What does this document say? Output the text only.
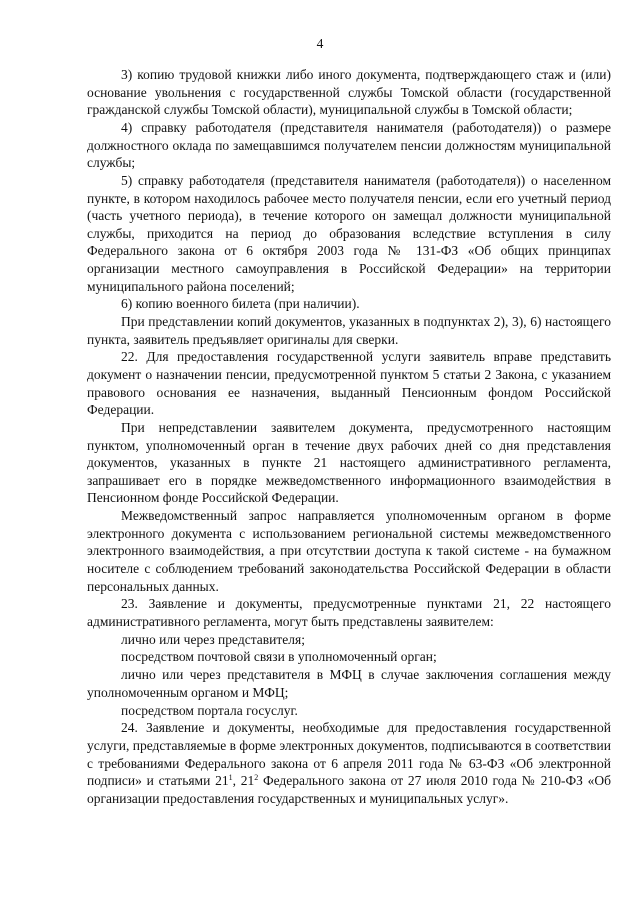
4

3) копию трудовой книжки либо иного документа, подтверждающего стаж и (или) основание увольнения с государственной службы Томской области (государственной гражданской службы Томской области), муниципальной службы в Томской области;

4) справку работодателя (представителя нанимателя (работодателя)) о размере должностного оклада по замещавшимся получателем пенсии должностям муниципальной службы;

5) справку работодателя (представителя нанимателя (работодателя)) о населенном пункте, в котором находилось рабочее место получателя пенсии, если его учетный период (часть учетного периода), в течение которого он замещал должности муниципальной службы, приходится на период до образования вследствие вступления в силу Федерального закона от 6 октября 2003 года № 131-ФЗ «Об общих принципах организации местного самоуправления в Российской Федерации» на территории муниципального района поселений;

6) копию военного билета (при наличии).

При представлении копий документов, указанных в подпунктах 2), 3), 6) настоящего пункта, заявитель предъявляет оригиналы для сверки.

22. Для предоставления государственной услуги заявитель вправе представить документ о назначении пенсии, предусмотренной пунктом 5 статьи 2 Закона, с указанием правового основания ее назначения, выданный Пенсионным фондом Российской Федерации.

При непредставлении заявителем документа, предусмотренного настоящим пунктом, уполномоченный орган в течение двух рабочих дней со дня представления документов, указанных в пункте 21 настоящего административного регламента, запрашивает его в порядке межведомственного информационного взаимодействия в Пенсионном фонде Российской Федерации.

Межведомственный запрос направляется уполномоченным органом в форме электронного документа с использованием региональной системы межведомственного электронного взаимодействия, а при отсутствии доступа к такой системе - на бумажном носителе с соблюдением требований законодательства Российской Федерации в области персональных данных.

23. Заявление и документы, предусмотренные пунктами 21, 22 настоящего административного регламента, могут быть представлены заявителем:

лично или через представителя;

посредством почтовой связи в уполномоченный орган;

лично или через представителя в МФЦ в случае заключения соглашения между уполномоченным органом и МФЦ;

посредством портала госуслуг.

24. Заявление и документы, необходимые для предоставления государственной услуги, представляемые в форме электронных документов, подписываются в соответствии с требованиями Федерального закона от 6 апреля 2011 года № 63-ФЗ «Об электронной подписи» и статьями $21^1$, $21^2$ Федерального закона от 27 июля 2010 года № 210-ФЗ «Об организации предоставления государственных и муниципальных услуг».
